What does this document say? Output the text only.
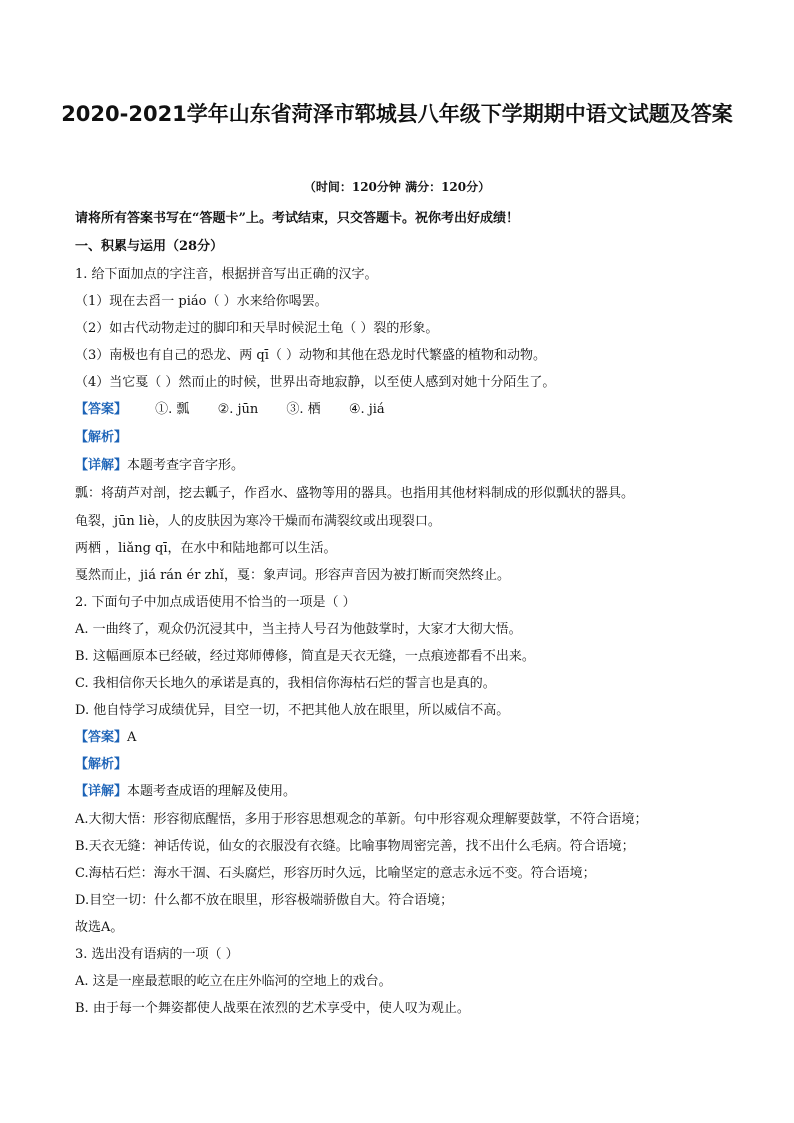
2020-2021学年山东省菏泽市郓城县八年级下学期期中语文试题及答案
（时间：120分钟 满分：120分）
请将所有答案书写在“答题卡”上。考试结束，只交答题卡。祝你考出好成绩！
一、积累与运用（28分）
1. 给下面加点的字注音，根据拼音写出正确的汉字。
（1）现在去舀一 piáo（ ）水来给你喝罢。
（2）如古代动物走过的脚印和天旱时候泥土龟（ ）裂的形象。
（3）南极也有自己的恐龙、两 qī（ ）动物和其他在恐龙时代繁盛的植物和动物。
（4）当它戛（ ）然而止的时候，世界出奇地寂静，以至使人感到对她十分陌生了。
【答案】 ①. 瓢 ②. jūn ③. 栖 ④. jiá
【解析】
【详解】本题考查字音字形。
瓢：将葫芦对剖，挖去瓤子，作舀水、盛物等用的器具。也指用其他材料制成的形似瓢状的器具。
龟裂，jūn liè，人的皮肤因为寒冷干燥而布满裂纹或出现裂口。
两栖 ，liǎng qī，在水中和陆地都可以生活。
戛然而止，jiá rán ér zhǐ，戛：象声词。形容声音因为被打断而突然终止。
2. 下面句子中加点成语使用不恰当的一项是（ ）
A. 一曲终了，观众仍沉浸其中，当主持人号召为他鼓掌时，大家才大彻大悟。
B. 这幅画原本已经破，经过郑师傅修，简直是天衣无缝，一点痕迹都看不出来。
C. 我相信你天长地久的承诺是真的，我相信你海枯石烂的誓言也是真的。
D. 他自恃学习成绩优异，目空一切，不把其他人放在眼里，所以威信不高。
【答案】A
【解析】
【详解】本题考查成语的理解及使用。
A.大彻大悟：形容彻底醒悟，多用于形容思想观念的革新。句中形容观众理解要鼓掌，不符合语境；
B.天衣无缝：神话传说，仙女的衣服没有衣缝。比喻事物周密完善，找不出什么毛病。符合语境；
C.海枯石烂：海水干涸、石头腐烂，形容历时久远，比喻坚定的意志永远不变。符合语境；
D.目空一切：什么都不放在眼里，形容极端骄傲自大。符合语境；
故选A。
3. 选出没有语病的一项（ ）
A. 这是一座最惹眼的屹立在庄外临河的空地上的戏台。
B. 由于每一个舞姿都使人战栗在浓烈的艺术享受中，使人叹为观止。
